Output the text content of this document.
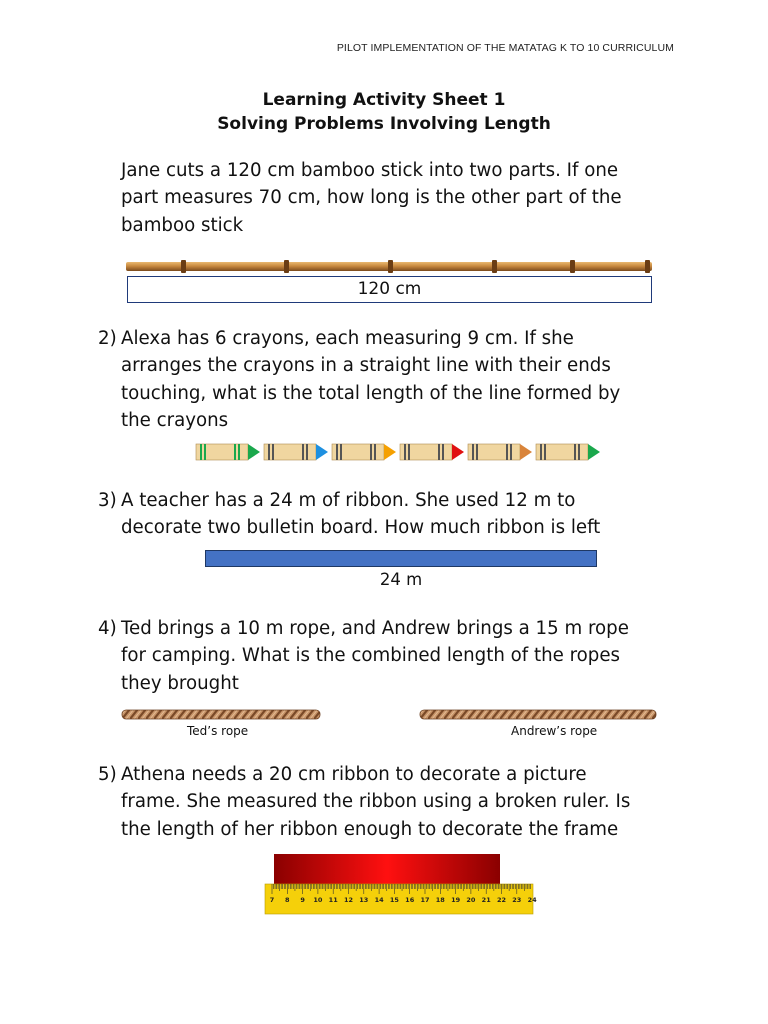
PILOT IMPLEMENTATION OF THE MATATAG K TO 10 CURRICULUM
Learning Activity Sheet 1
Solving Problems Involving Length
Jane cuts a 120 cm bamboo stick into two parts. If one
part measures 70 cm, how long is the other part of the
bamboo stick
120 cm
2) Alexa has 6 crayons, each measuring 9 cm. If she
arranges the crayons in a straight line with their ends
touching, what is the total length of the line formed by
the crayons
3) A teacher has a 24 m of ribbon. She used 12 m to
decorate two bulletin board. How much ribbon is left
24 m
4) Ted brings a 10 m rope, and Andrew brings a 15 m rope
for camping. What is the combined length of the ropes
they brought
Ted’s rope	Andrew’s rope
5) Athena needs a 20 cm ribbon to decorate a picture
frame. She measured the ribbon using a broken ruler. Is
the length of her ribbon enough to decorate the frame
7 8 9 10 11 12 13 14 15 16 17 18 19 20 21 22 23 24
